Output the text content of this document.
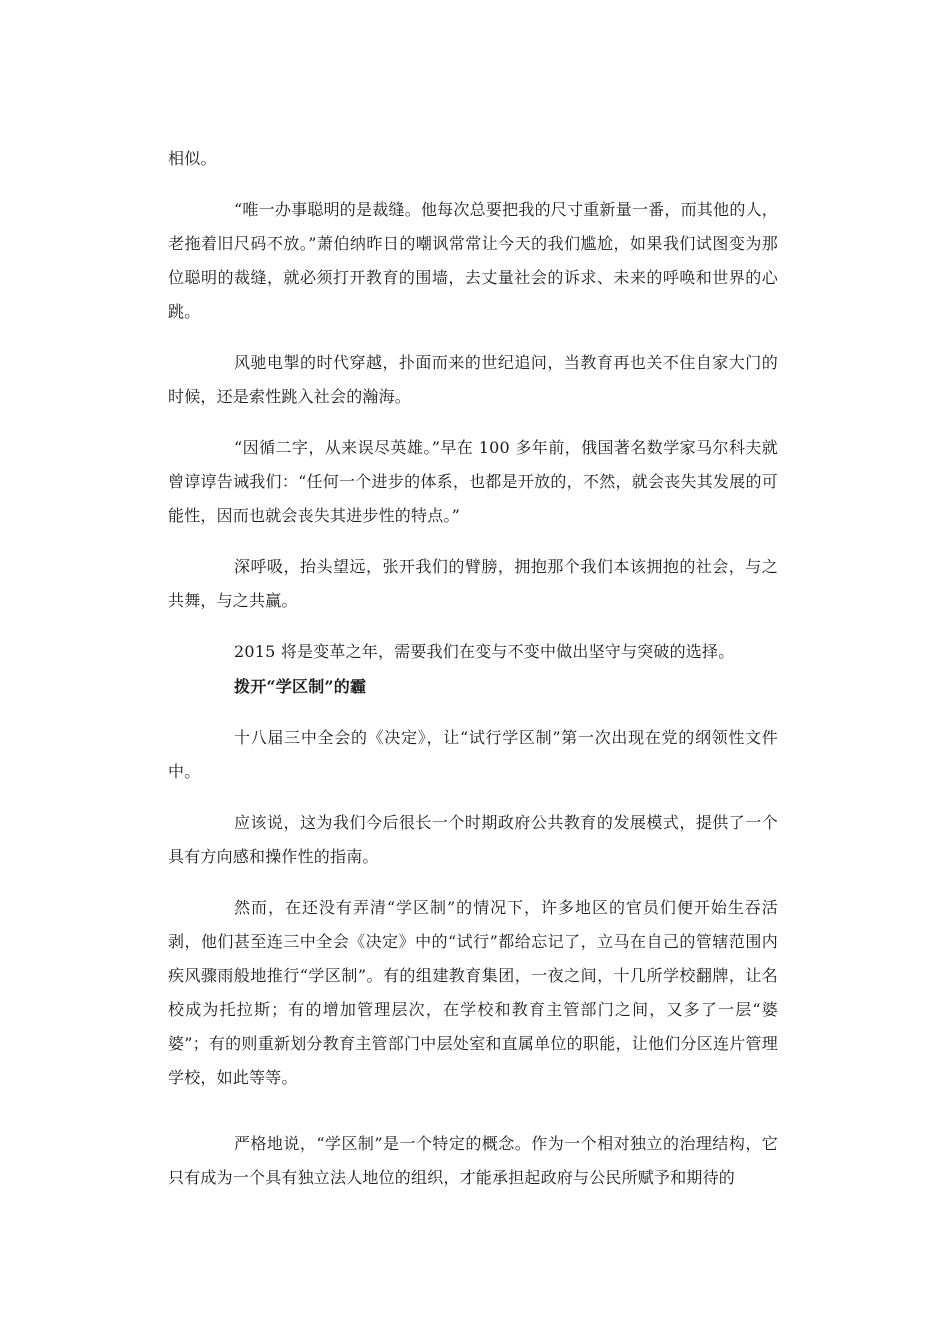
相似。

“唯一办事聪明的是裁缝。他每次总要把我的尺寸重新量一番，而其他的人，老拖着旧尺码不放。”萧伯纳昨日的嘲讽常常让今天的我们尴尬，如果我们试图变为那位聪明的裁缝，就必须打开教育的围墙，去丈量社会的诉求、未来的呼唤和世界的心跳。

风驰电掣的时代穿越，扑面而来的世纪追问，当教育再也关不住自家大门的时候，还是索性跳入社会的瀚海。

“因循二字，从来误尽英雄。”早在 100 多年前，俄国著名数学家马尔科夫就曾谆谆告诫我们：“任何一个进步的体系，也都是开放的，不然，就会丧失其发展的可能性，因而也就会丧失其进步性的特点。”

深呼吸，抬头望远，张开我们的臂膀，拥抱那个我们本该拥抱的社会，与之共舞，与之共赢。

2015 将是变革之年，需要我们在变与不变中做出坚守与突破的选择。

拨开“学区制”的霾

十八届三中全会的《决定》，让“试行学区制”第一次出现在党的纲领性文件中。

应该说，这为我们今后很长一个时期政府公共教育的发展模式，提供了一个具有方向感和操作性的指南。

然而，在还没有弄清“学区制”的情况下，许多地区的官员们便开始生吞活剥，他们甚至连三中全会《决定》中的“试行”都给忘记了，立马在自己的管辖范围内疾风骤雨般地推行“学区制”。有的组建教育集团，一夜之间，十几所学校翻牌，让名校成为托拉斯；有的增加管理层次，在学校和教育主管部门之间，又多了一层“婆婆”；有的则重新划分教育主管部门中层处室和直属单位的职能，让他们分区连片管理学校，如此等等。

严格地说，“学区制”是一个特定的概念。作为一个相对独立的治理结构，它只有成为一个具有独立法人地位的组织，才能承担起政府与公民所赋予和期待的
